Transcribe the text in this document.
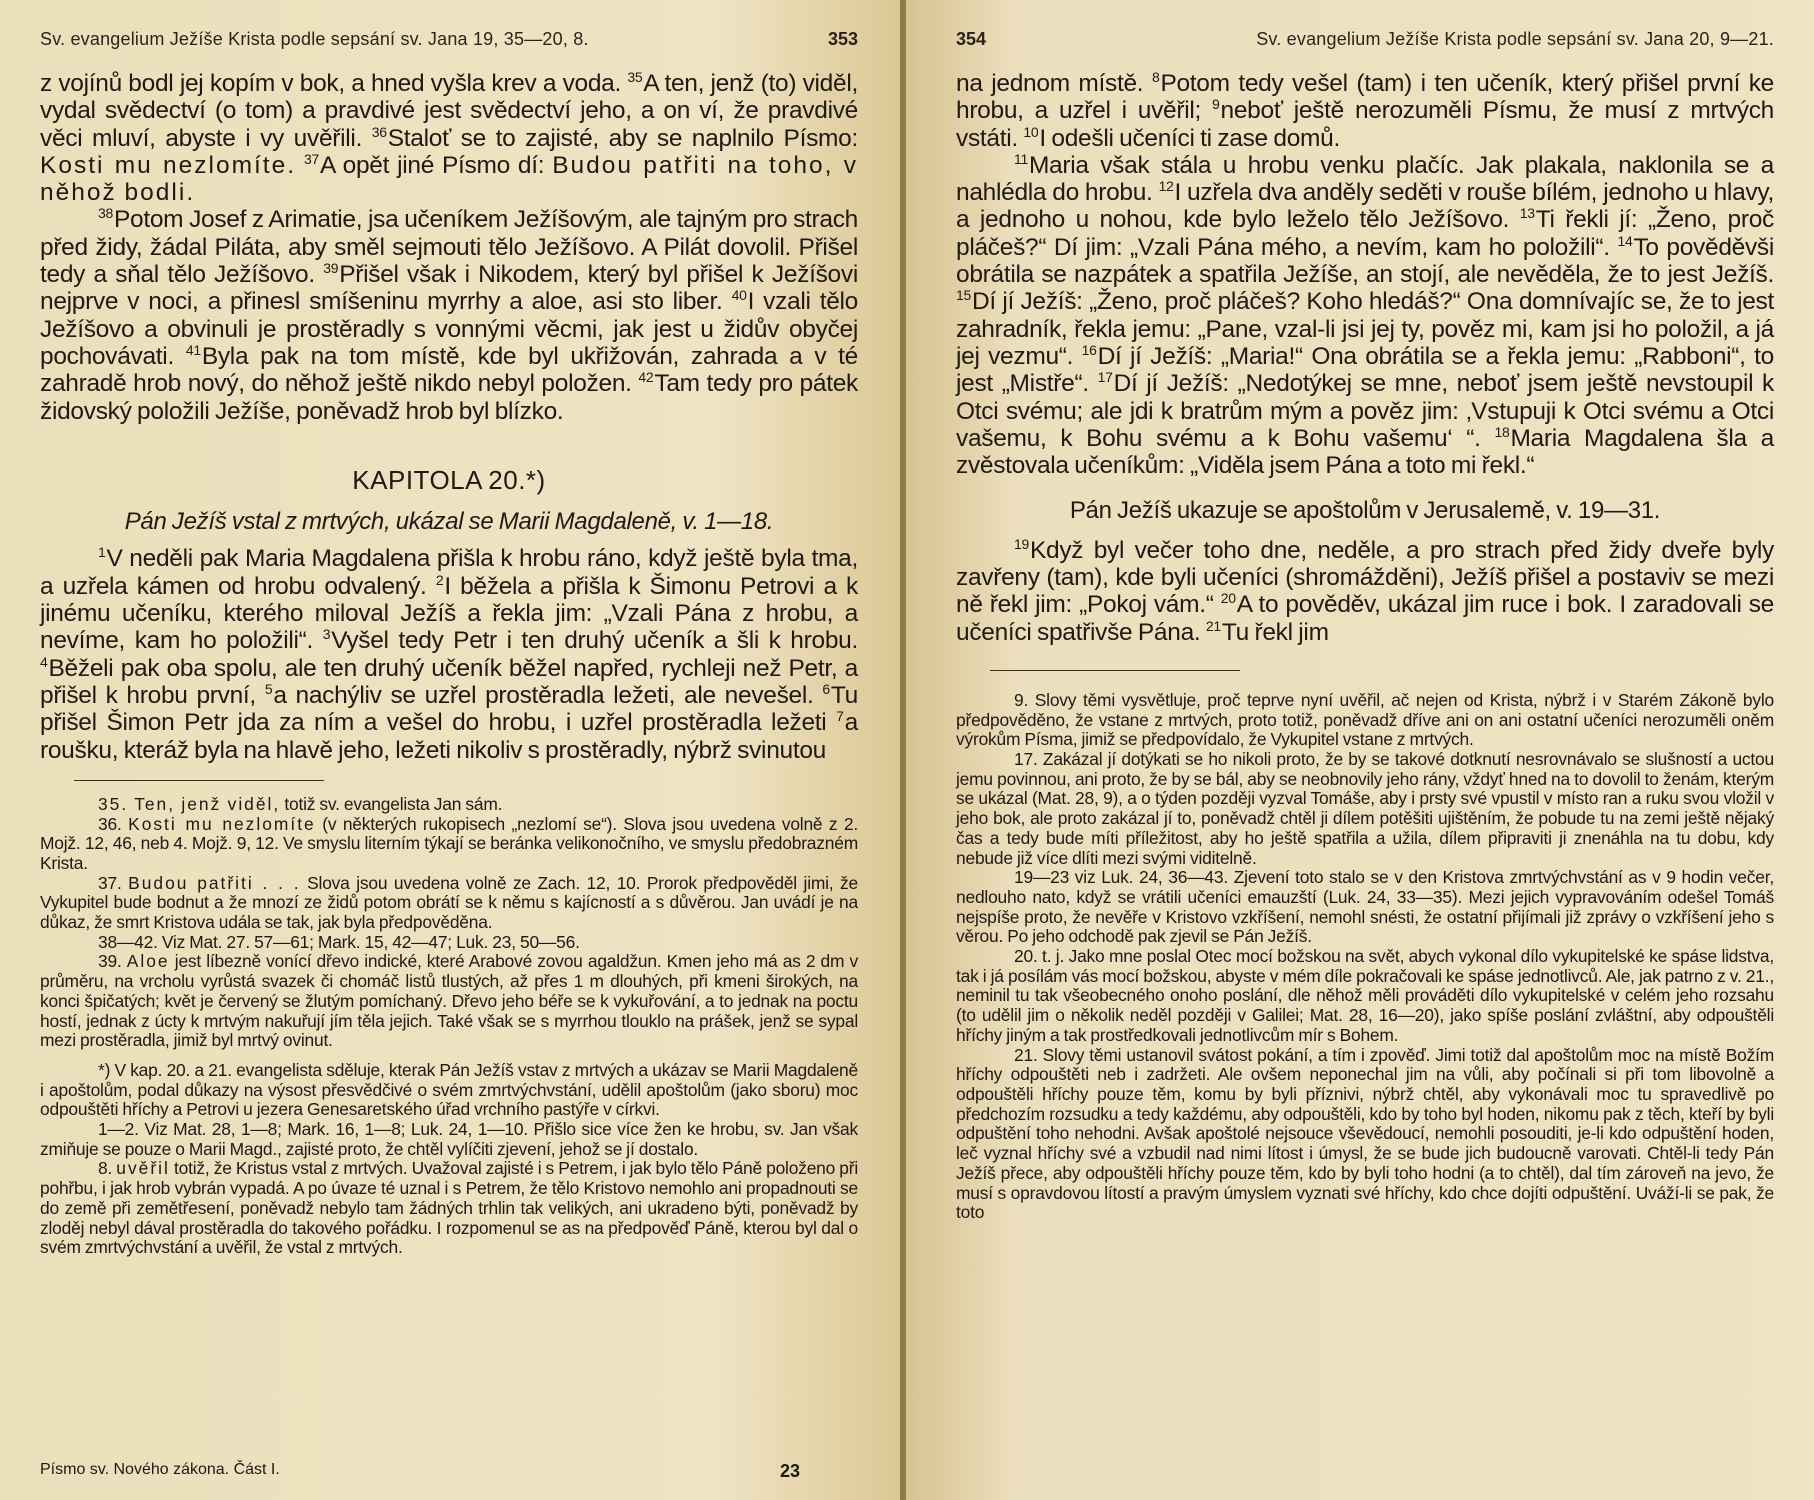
Sv. evangelium Ježíše Krista podle sepsání sv. Jana 19, 35—20, 8.	353

z vojínů bodl jej kopím v bok, a hned vyšla krev a voda. $^{35}$A ten, jenž (to) viděl, vydal svědectví (o tom) a pravdivé jest svědectví jeho, a on ví, že pravdivé věci mluví, abyste i vy uvěřili. $^{36}$Staloť se to zajisté, aby se naplnilo Písmo: Kosti mu nezlomíte. $^{37}$A opět jiné Písmo dí: Budou patřiti na toho, v něhož bodli.

$^{38}$Potom Josef z Arimatie, jsa učeníkem Ježíšovým, ale tajným pro strach před židy, žádal Piláta, aby směl sejmouti tělo Ježíšovo. A Pilát dovolil. Přišel tedy a sňal tělo Ježíšovo. $^{39}$Přišel však i Nikodem, který byl přišel k Ježíšovi nejprve v noci, a přinesl smíšeninu myrrhy a aloe, asi sto liber. $^{40}$I vzali tělo Ježíšovo a obvinuli je prostěradly s vonnými věcmi, jak jest u židův obyčej pochovávati. $^{41}$Byla pak na tom místě, kde byl ukřižován, zahrada a v té zahradě hrob nový, do něhož ještě nikdo nebyl položen. $^{42}$Tam tedy pro pátek židovský položili Ježíše, poněvadž hrob byl blízko.

KAPITOLA 20.*)
Pán Ježíš vstal z mrtvých, ukázal se Marii Magdaleně, v. 1—18.

$^1$V neděli pak Maria Magdalena přišla k hrobu ráno, když ještě byla tma, a uzřela kámen od hrobu odvalený. $^2$I běžela a přišla k Šimonu Petrovi a k jinému učeníku, kterého miloval Ježíš a řekla jim: „Vzali Pána z hrobu, a nevíme, kam ho položili“. $^3$Vyšel tedy Petr i ten druhý učeník a šli k hrobu. $^4$Běželi pak oba spolu, ale ten druhý učeník běžel napřed, rychleji než Petr, a přišel k hrobu první, $^5$a nachýliv se uzřel prostěradla ležeti, ale nevešel. $^6$Tu přišel Šimon Petr jda za ním a vešel do hrobu, i uzřel prostěradla ležeti $^7$a roušku, kteráž byla na hlavě jeho, ležeti nikoliv s prostěradly, nýbrž svinutou

35. Ten, jenž viděl, totiž sv. evangelista Jan sám.

36. Kosti mu nezlomíte (v některých rukopisech „nezlomí se“). Slova jsou uvedena volně z 2. Mojž. 12, 46, neb 4. Mojž. 9, 12. Ve smyslu literním týkají se beránka velikonočního, ve smyslu předobrazném Krista.

37. Budou patřiti . . . Slova jsou uvedena volně ze Zach. 12, 10. Prorok předpověděl jimi, že Vykupitel bude bodnut a že mnozí ze židů potom obrátí se k němu s kajícností a s důvěrou. Jan uvádí je na důkaz, že smrt Kristova udála se tak, jak byla předpověděna.

38—42. Viz Mat. 27. 57—61; Mark. 15, 42—47; Luk. 23, 50—56.

39. Aloe jest líbezně vonící dřevo indické, které Arabové zovou agaldžun. Kmen jeho má as 2 dm v průměru, na vrcholu vyrůstá svazek či chomáč listů tlustých, až přes 1 m dlouhých, při kmeni širokých, na konci špičatých; květ je červený se žlutým pomíchaný. Dřevo jeho béře se k vykuřování, a to jednak na poctu hostí, jednak z úcty k mrtvým nakuřují jím těla jejich. Také však se s myrrhou tlouklo na prášek, jenž se sypal mezi prostěradla, jimiž byl mrtvý ovinut.

*) V kap. 20. a 21. evangelista sděluje, kterak Pán Ježíš vstav z mrtvých a ukázav se Marii Magdaleně i apoštolům, podal důkazy na výsost přesvědčivé o svém zmrtvýchvstání, udělil apoštolům (jako sboru) moc odpouštěti hříchy a Petrovi u jezera Genesaretského úřad vrchního pastýře v církvi.

1—2. Viz Mat. 28, 1—8; Mark. 16, 1—8; Luk. 24, 1—10. Přišlo sice více žen ke hrobu, sv. Jan však zmiňuje se pouze o Marii Magd., zajisté proto, že chtěl vylíčiti zjevení, jehož se jí dostalo.

8. uvěřil totiž, že Kristus vstal z mrtvých. Uvažoval zajisté i s Petrem, i jak bylo tělo Páně položeno při pohřbu, i jak hrob vybrán vypadá. A po úvaze té uznal i s Petrem, že tělo Kristovo nemohlo ani propadnouti se do země při zemětřesení, poněvadž nebylo tam žádných trhlin tak velikých, ani ukradeno býti, poněvadž by zloděj nebyl dával prostěradla do takového pořádku. I rozpomenul se as na předpověď Páně, kterou byl dal o svém zmrtvýchvstání a uvěřil, že vstal z mrtvých.

Písmo sv. Nového zákona. Část I.	23
354	Sv. evangelium Ježíše Krista podle sepsání sv. Jana 20, 9—21.

na jednom místě. $^8$Potom tedy vešel (tam) i ten učeník, který přišel první ke hrobu, a uzřel i uvěřil; $^9$neboť ještě nerozuměli Písmu, že musí z mrtvých vstáti. $^{10}$I odešli učeníci ti zase domů.

$^{11}$Maria však stála u hrobu venku plačíc. Jak plakala, naklonila se a nahlédla do hrobu. $^{12}$I uzřela dva anděly seděti v rouše bílém, jednoho u hlavy, a jednoho u nohou, kde bylo leželo tělo Ježíšovo. $^{13}$Ti řekli jí: „Ženo, proč pláčeš?“ Dí jim: „Vzali Pána mého, a nevím, kam ho položili“. $^{14}$To pověděvši obrátila se nazpátek a spatřila Ježíše, an stojí, ale nevěděla, že to jest Ježíš. $^{15}$Dí jí Ježíš: „Ženo, proč pláčeš? Koho hledáš?“ Ona domnívajíc se, že to jest zahradník, řekla jemu: „Pane, vzal-li jsi jej ty, pověz mi, kam jsi ho položil, a já jej vezmu“. $^{16}$Dí jí Ježíš: „Maria!“ Ona obrátila se a řekla jemu: „Rabboni“, to jest „Mistře“. $^{17}$Dí jí Ježíš: „Nedotýkej se mne, neboť jsem ještě nevstoupil k Otci svému; ale jdi k bratrům mým a pověz jim: ‚Vstupuji k Otci svému a Otci vašemu, k Bohu svému a k Bohu vašemu‘ “. $^{18}$Maria Magdalena šla a zvěstovala učeníkům: „Viděla jsem Pána a toto mi řekl.“

Pán Ježíš ukazuje se apoštolům v Jerusalemě, v. 19—31.

$^{19}$Když byl večer toho dne, neděle, a pro strach před židy dveře byly zavřeny (tam), kde byli učeníci (shromážděni), Ježíš přišel a postaviv se mezi ně řekl jim: „Pokoj vám.“ $^{20}$A to pověděv, ukázal jim ruce i bok. I zaradovali se učeníci spatřivše Pána. $^{21}$Tu řekl jim

9. Slovy těmi vysvětluje, proč teprve nyní uvěřil, ač nejen od Krista, nýbrž i v Starém Zákoně bylo předpověděno, že vstane z mrtvých, proto totiž, poněvadž dříve ani on ani ostatní učeníci nerozuměli oněm výrokům Písma, jimiž se předpovídalo, že Vykupitel vstane z mrtvých.

17. Zakázal jí dotýkati se ho nikoli proto, že by se takové dotknutí nesrovnávalo se slušností a uctou jemu povinnou, ani proto, že by se bál, aby se neobnovily jeho rány, vždyť hned na to dovolil to ženám, kterým se ukázal (Mat. 28, 9), a o týden později vyzval Tomáše, aby i prsty své vpustil v místo ran a ruku svou vložil v jeho bok, ale proto zakázal jí to, poněvadž chtěl ji dílem potěšiti ujištěním, že pobude tu na zemi ještě nějaký čas a tedy bude míti příležitost, aby ho ještě spatřila a užila, dílem připraviti ji znenáhla na tu dobu, kdy nebude již více dlíti mezi svými viditelně.

19—23 viz Luk. 24, 36—43. Zjevení toto stalo se v den Kristova zmrtvýchvstání as v 9 hodin večer, nedlouho nato, když se vrátili učeníci emauzští (Luk. 24, 33—35). Mezi jejich vypravováním odešel Tomáš nejspíše proto, že nevěře v Kristovo vzkříšení, nemohl snésti, že ostatní přijímali již zprávy o vzkříšení jeho s věrou. Po jeho odchodě pak zjevil se Pán Ježíš.

20. t. j. Jako mne poslal Otec mocí božskou na svět, abych vykonal dílo vykupitelské ke spáse lidstva, tak i já posílám vás mocí božskou, abyste v mém díle pokračovali ke spáse jednotlivců. Ale, jak patrno z v. 21., neminil tu tak všeobecného onoho poslání, dle něhož měli prováděti dílo vykupitelské v celém jeho rozsahu (to udělil jim o několik neděl později v Galilei; Mat. 28, 16—20), jako spíše poslání zvláštní, aby odpouštěli hříchy jiným a tak prostředkovali jednotlivcům mír s Bohem.

21. Slovy těmi ustanovil svátost pokání, a tím i zpověď. Jimi totiž dal apoštolům moc na místě Božím hříchy odpouštěti neb i zadržeti. Ale ovšem neponechal jim na vůli, aby počínali si při tom libovolně a odpouštěli hříchy pouze těm, komu by byli příznivi, nýbrž chtěl, aby vykonávali moc tu spravedlivě po předchozím rozsudku a tedy každému, aby odpouštěli, kdo by toho byl hoden, nikomu pak z těch, kteří by byli odpuštění toho nehodni. Avšak apoštolé nejsouce vševědoucí, nemohli posouditi, je-li kdo odpuštění hoden, leč vyznal hříchy své a vzbudil nad nimi lítost i úmysl, že se bude jich budoucně varovati. Chtěl-li tedy Pán Ježíš přece, aby odpouštěli hříchy pouze těm, kdo by byli toho hodni (a to chtěl), dal tím zároveň na jevo, že musí s opravdovou lítostí a pravým úmyslem vyznati své hříchy, kdo chce dojíti odpuštění. Uváží-li se pak, že toto
